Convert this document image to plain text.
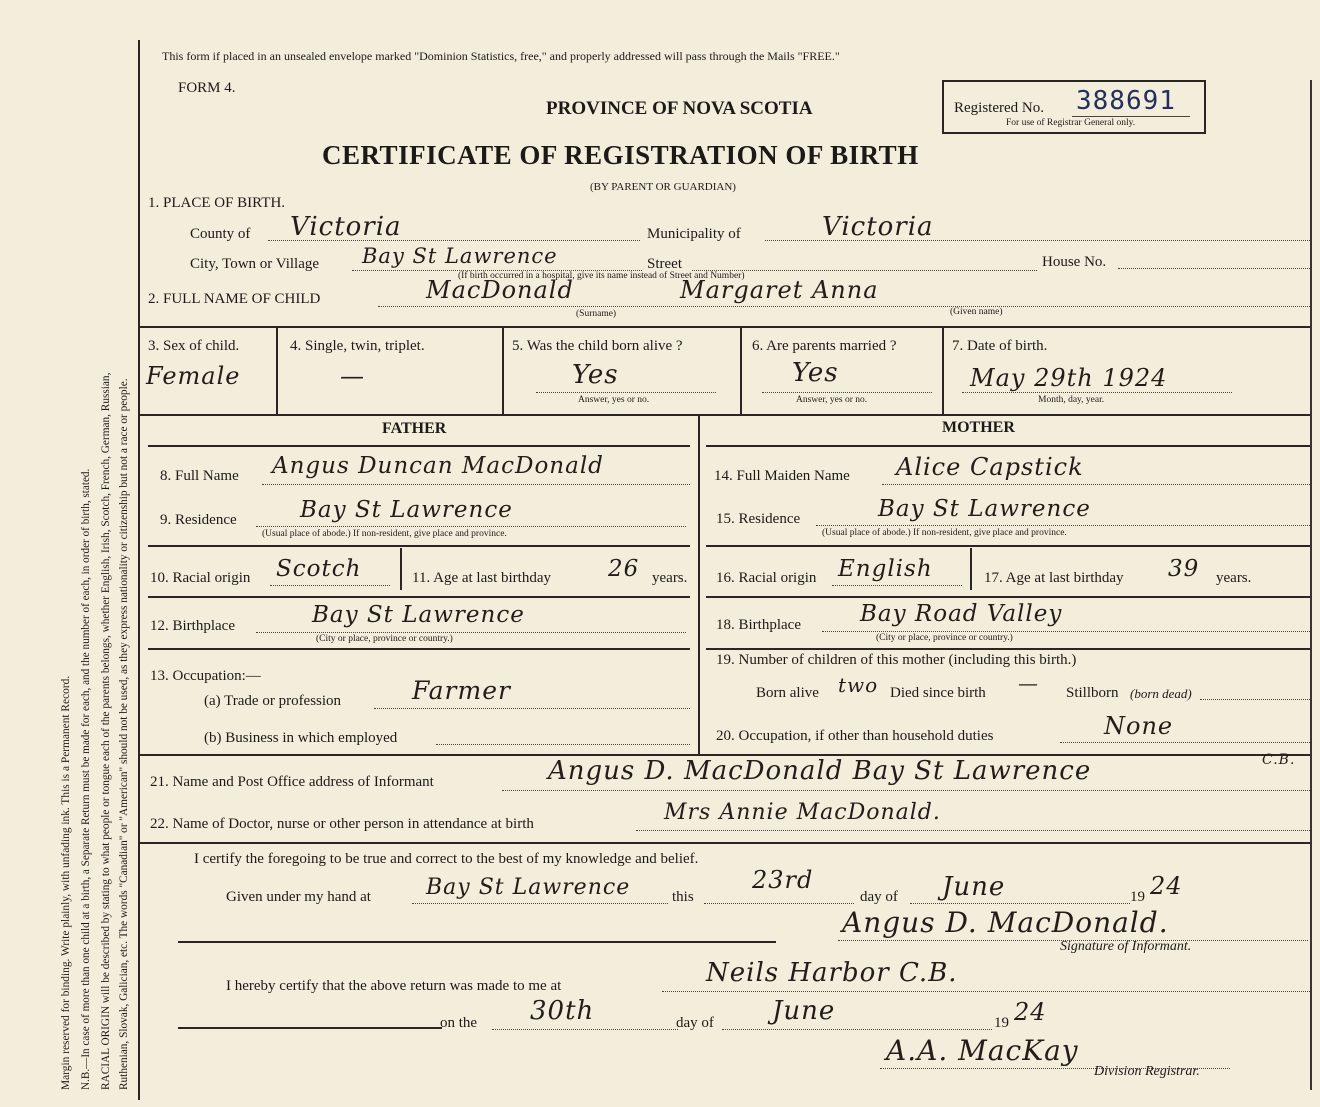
Margin reserved for binding. Write plainly, with unfading ink. This is a Permanent Record. N.B.—In case of more than one child at a birth, a Separate Return must be made for each, and the number of each, in order of birth, stated. RACIAL ORIGIN will be described by stating to what people or tongue each of the parents belongs, whether English, Irish, Scotch, French, German, Russian, Ruthenian, Slovak, Galician, etc. The words "Canadian" or "American" should not be used, as they express nationality or citizenship but not a race or people.
This form if placed in an unsealed envelope marked "Dominion Statistics, free," and properly addressed will pass through the Mails "FREE."
FORM 4.
PROVINCE OF NOVA SCOTIA
CERTIFICATE OF REGISTRATION OF BIRTH
(BY PARENT OR GUARDIAN)
Registered No. 388691
For use of Registrar General only.
1. PLACE OF BIRTH.
County of Victoria	Municipality of	Victoria
City, Town or Village Bay St Lawrence	Street	House No.
(If birth occurred in a hospital, give its name instead of Street and Number)
2. FULL NAME OF CHILD	MacDonald	Margaret Anna
(Surname)	(Given name)
3. Sex of child.
Female
4. Single, twin, triplet.
—
5. Was the child born alive ?
Yes
Answer, yes or no.
6. Are parents married ?
Yes
Answer, yes or no.
7. Date of birth.
May 29th 1924
Month, day, year.
FATHER	MOTHER
8. Full Name Angus Duncan MacDonald	14. Full Maiden Name Alice Capstick
9. Residence	Bay St Lawrence
(Usual place of abode.) If non-resident, give place and province.
15. Residence	Bay St Lawrence
(Usual place of abode.) If non-resident, give place and province.
10. Racial origin Scotch	11. Age at last birthday 26 years. 16. Racial origin English	17. Age at last birthday 39 years.
12. Birthplace	Bay St Lawrence
(City or place, province or country.)
18. Birthplace	Bay Road Valley
(City or place, province or country.)
13. Occupation:—
(a) Trade or profession	Farmer
(b) Business in which employed
19. Number of children of this mother (including this birth.)
Born alive two Died since birth — Stillborn (born dead)
20. Occupation, if other than household duties	None
21. Name and Post Office address of Informant	Angus D. MacDonald Bay St Lawrence	C.B.
22. Name of Doctor, nurse or other person in attendance at birth	Mrs Annie MacDonald.
I certify the foregoing to be true and correct to the best of my knowledge and belief.
Given under my hand at	Bay St Lawrence	this
23rd
day of June	19 24
Angus D. MacDonald.
Signature of Informant.
I hereby certify that the above return was made to me at	Neils Harbor C.B.
on the 30th	day of June	19 24
A.A. MacKay
Division Registrar.
